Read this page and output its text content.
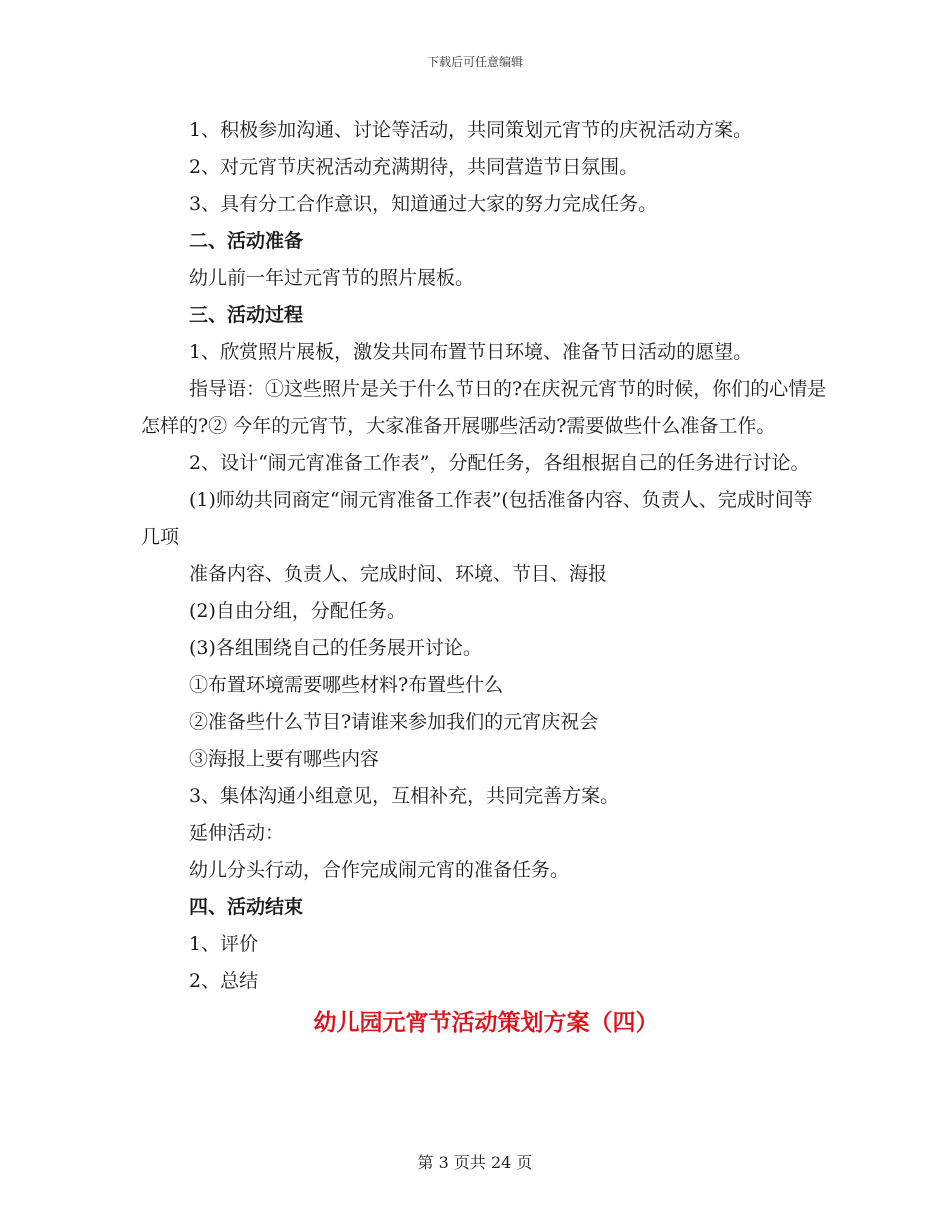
下载后可任意编辑
1、积极参加沟通、讨论等活动，共同策划元宵节的庆祝活动方案。
2、对元宵节庆祝活动充满期待，共同营造节日氛围。
3、具有分工合作意识，知道通过大家的努力完成任务。
二、活动准备
幼儿前一年过元宵节的照片展板。
三、活动过程
1、欣赏照片展板，激发共同布置节日环境、准备节日活动的愿望。
指导语：①这些照片是关于什么节日的?在庆祝元宵节的时候，你们的心情是怎样的?② 今年的元宵节，大家准备开展哪些活动?需要做些什么准备工作。
2、设计“闹元宵准备工作表”，分配任务，各组根据自己的任务进行讨论。
(1)师幼共同商定“闹元宵准备工作表”(包括准备内容、负责人、完成时间等几项
准备内容、负责人、完成时间、环境、节目、海报
(2)自由分组，分配任务。
(3)各组围绕自己的任务展开讨论。
①布置环境需要哪些材料?布置些什么
②准备些什么节目?请谁来参加我们的元宵庆祝会
③海报上要有哪些内容
3、集体沟通小组意见，互相补充，共同完善方案。
延伸活动：
幼儿分头行动，合作完成闹元宵的准备任务。
四、活动结束
1、评价
2、总结
幼儿园元宵节活动策划方案（四）
第 3 页共 24 页
